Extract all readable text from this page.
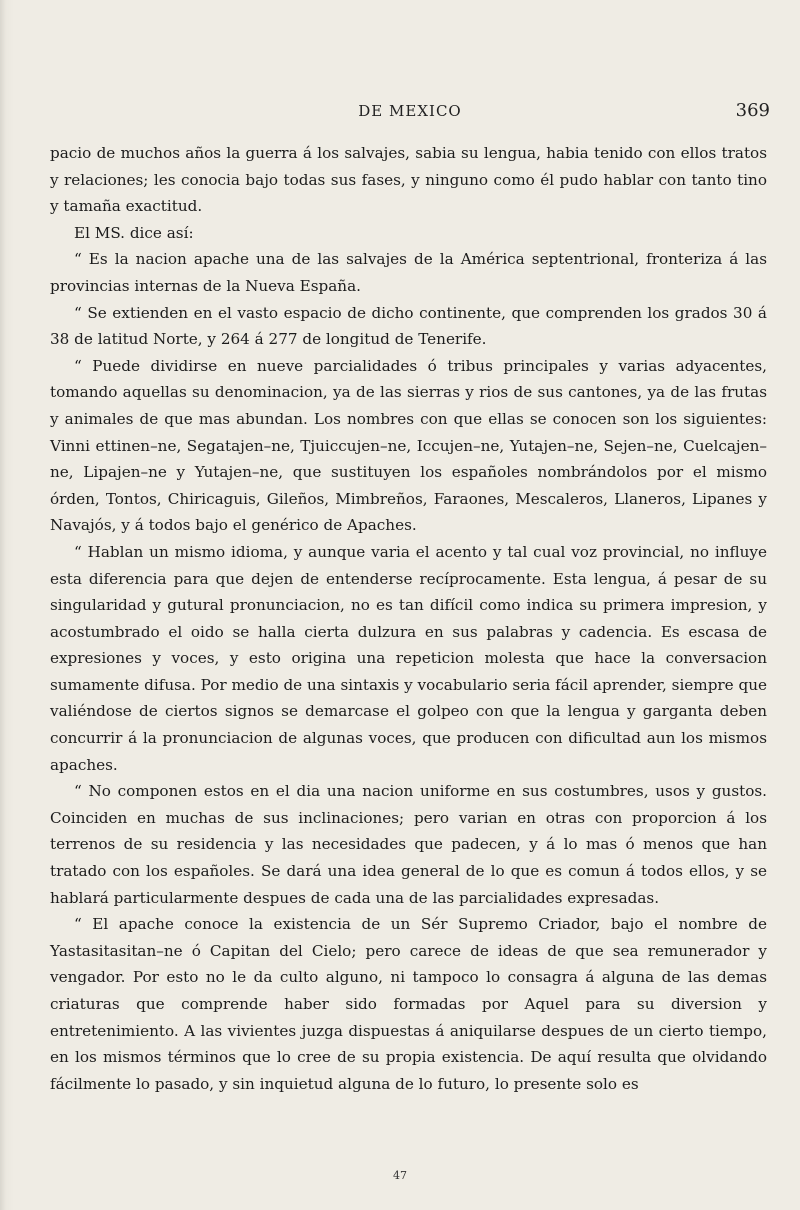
DE MEXICO	369

pacio de muchos años la guerra á los salvajes, sabia su lengua, habia tenido con ellos tratos y relaciones; les conocia bajo todas sus fases, y ninguno como él pudo hablar con tanto tino y tamaña exactitud.

El MS. dice así:

“ Es la nacion apache una de las salvajes de la América septentrional, fronteriza á las provincias internas de la Nueva España.

“ Se extienden en el vasto espacio de dicho continente, que comprenden los grados 30 á 38 de latitud Norte, y 264 á 277 de longitud de Tenerife.

“ Puede dividirse en nueve parcialidades ó tribus principales y varias adyacentes, tomando aquellas su denominacion, ya de las sierras y rios de sus cantones, ya de las frutas y animales de que mas abundan. Los nombres con que ellas se conocen son los siguientes: Vinni ettinen–ne, Segatajen–ne, Tjuiccujen–ne, Iccujen–ne, Yutajen–ne, Sejen–ne, Cuelcajen–ne, Lipajen–ne y Yutajen–ne, que sustituyen los españoles nombrándolos por el mismo órden, Tontos, Chiricaguis, Gileños, Mimbreños, Faraones, Mescaleros, Llaneros, Lipanes y Navajós, y á todos bajo el genérico de Apaches.

“ Hablan un mismo idioma, y aunque varia el acento y tal cual voz provincial, no influye esta diferencia para que dejen de entenderse recíprocamente. Esta lengua, á pesar de su singularidad y gutural pronunciacion, no es tan difícil como indica su primera impresion, y acostumbrado el oido se halla cierta dulzura en sus palabras y cadencia. Es escasa de expresiones y voces, y esto origina una repeticion molesta que hace la conversacion sumamente difusa. Por medio de una sintaxis y vocabulario seria fácil aprender, siempre que valiéndose de ciertos signos se demarcase el golpeo con que la lengua y garganta deben concurrir á la pronunciacion de algunas voces, que producen con dificultad aun los mismos apaches.

“ No componen estos en el dia una nacion uniforme en sus costumbres, usos y gustos. Coinciden en muchas de sus inclinaciones; pero varian en otras con proporcion á los terrenos de su residencia y las necesidades que padecen, y á lo mas ó menos que han tratado con los españoles. Se dará una idea general de lo que es comun á todos ellos, y se hablará particularmente despues de cada una de las parcialidades expresadas.

“ El apache conoce la existencia de un Sér Supremo Criador, bajo el nombre de Yastasitasitan–ne ó Capitan del Cielo; pero carece de ideas de que sea remunerador y vengador. Por esto no le da culto alguno, ni tampoco lo consagra á alguna de las demas criaturas que comprende haber sido formadas por Aquel para su diversion y entretenimiento. A las vivientes juzga dispuestas á aniquilarse despues de un cierto tiempo, en los mismos términos que lo cree de su propia existencia. De aquí resulta que olvidando fácilmente lo pasado, y sin inquietud alguna de lo futuro, lo presente solo es

47
